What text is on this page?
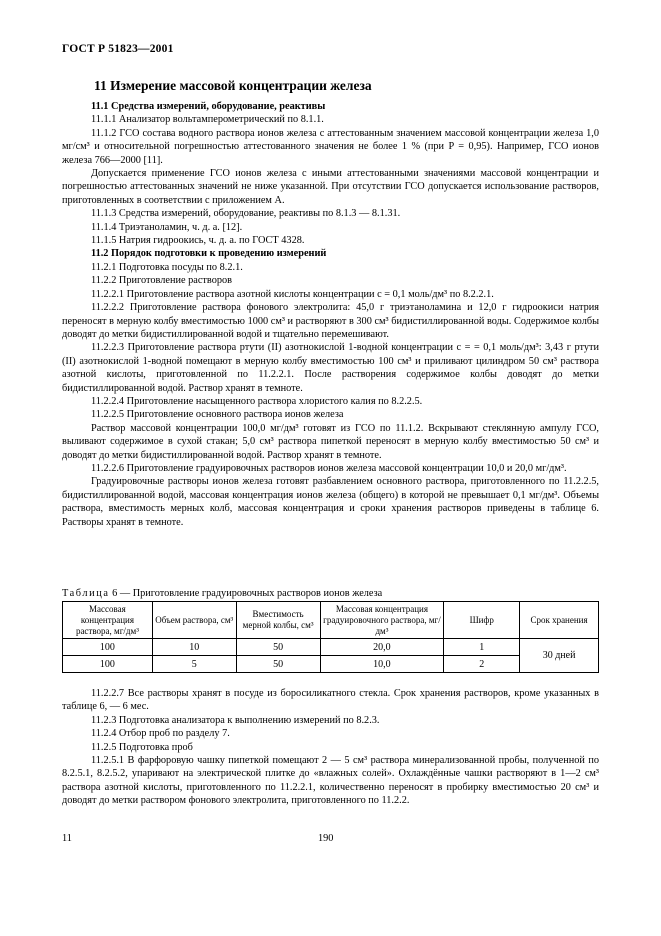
ГОСТ Р 51823—2001
11 Измерение массовой концентрации железа

11.1 Средства измерений, оборудование, реактивы

11.1.1 Анализатор вольтамперометрический по 8.1.1.

11.1.2 ГСО состава водного раствора ионов железа с аттестованным значением массовой концентрации железа 1,0 мг/см³ и относительной погрешностью аттестованного значения не более 1 % (при P = 0,95). Например, ГСО ионов железа 766—2000 [11].

Допускается применение ГСО ионов железа с иными аттестованными значениями массовой концентрации и погрешностью аттестованных значений не ниже указанной. При отсутствии ГСО допускается использование растворов, приготовленных в соответствии с приложением А.

11.1.3 Средства измерений, оборудование, реактивы по 8.1.3 — 8.1.31.

11.1.4 Триэтаноламин, ч. д. а. [12].

11.1.5 Натрия гидроокись, ч. д. а. по ГОСТ 4328.

11.2 Порядок подготовки к проведению измерений

11.2.1 Подготовка посуды по 8.2.1.

11.2.2 Приготовление растворов

11.2.2.1 Приготовление раствора азотной кислоты концентрации c = 0,1 моль/дм³ по 8.2.2.1.

11.2.2.2 Приготовление раствора фонового электролита: 45,0 г триэтаноламина и 12,0 г гидроокиси натрия переносят в мерную колбу вместимостью 1000 см³ и растворяют в 300 см³ бидистиллированной воды. Содержимое колбы доводят до метки бидистиллированной водой и тщательно перемешивают.

11.2.2.3 Приготовление раствора ртути (II) азотнокислой 1-водной концентрации c = = 0,1 моль/дм³: 3,43 г ртути (II) азотнокислой 1-водной помещают в мерную колбу вместимостью 100 см³ и приливают цилиндром 50 см³ раствора азотной кислоты, приготовленной по 11.2.2.1. После растворения содержимое колбы доводят до метки бидистиллированной водой. Раствор хранят в темноте.

11.2.2.4 Приготовление насыщенного раствора хлористого калия по 8.2.2.5.

11.2.2.5 Приготовление основного раствора ионов железа

Раствор массовой концентрации 100,0 мг/дм³ готовят из ГСО по 11.1.2. Вскрывают стеклянную ампулу ГСО, выливают содержимое в сухой стакан; 5,0 см³ раствора пипеткой переносят в мерную колбу вместимостью 50 см³ и доводят до метки бидистиллированной водой. Раствор хранят в темноте.

11.2.2.6 Приготовление градуировочных растворов ионов железа массовой концентрации 10,0 и 20,0 мг/дм³.

Градуировочные растворы ионов железа готовят разбавлением основного раствора, приготовленного по 11.2.2.5, бидистиллированной водой, массовая концентрация ионов железа (общего) в которой не превышает 0,1 мг/дм³. Объемы раствора, вместимость мерных колб, массовая концентрация и сроки хранения растворов приведены в таблице 6. Растворы хранят в темноте.

Таблица 6 — Приготовление градуировочных растворов ионов железа
Массовая концентрация раствора, мг/дм³	Объем раствора, см³	Вместимость мерной колбы, см³	Массовая концентрация градуировочного раствора, мг/дм³	Шифр	Срок хранения
100	10	50	20,0	1	30 дней
100	5	50	10,0	2	

11.2.2.7 Все растворы хранят в посуде из боросиликатного стекла. Срок хранения растворов, кроме указанных в таблице 6, — 6 мес.

11.2.3 Подготовка анализатора к выполнению измерений по 8.2.3.

11.2.4 Отбор проб по разделу 7.

11.2.5 Подготовка проб

11.2.5.1 В фарфоровую чашку пипеткой помещают 2 — 5 см³ раствора минерализованной пробы, полученной по 8.2.5.1, 8.2.5.2, упаривают на электрической плитке до «влажных солей». Охлаждённые чашки растворяют в 1—2 см³ раствора азотной кислоты, приготовленного по 11.2.2.1, количественно переносят в пробирку вместимостью 20 см³ и доводят до метки раствором фонового электролита, приготовленного по 11.2.2.

11	190
